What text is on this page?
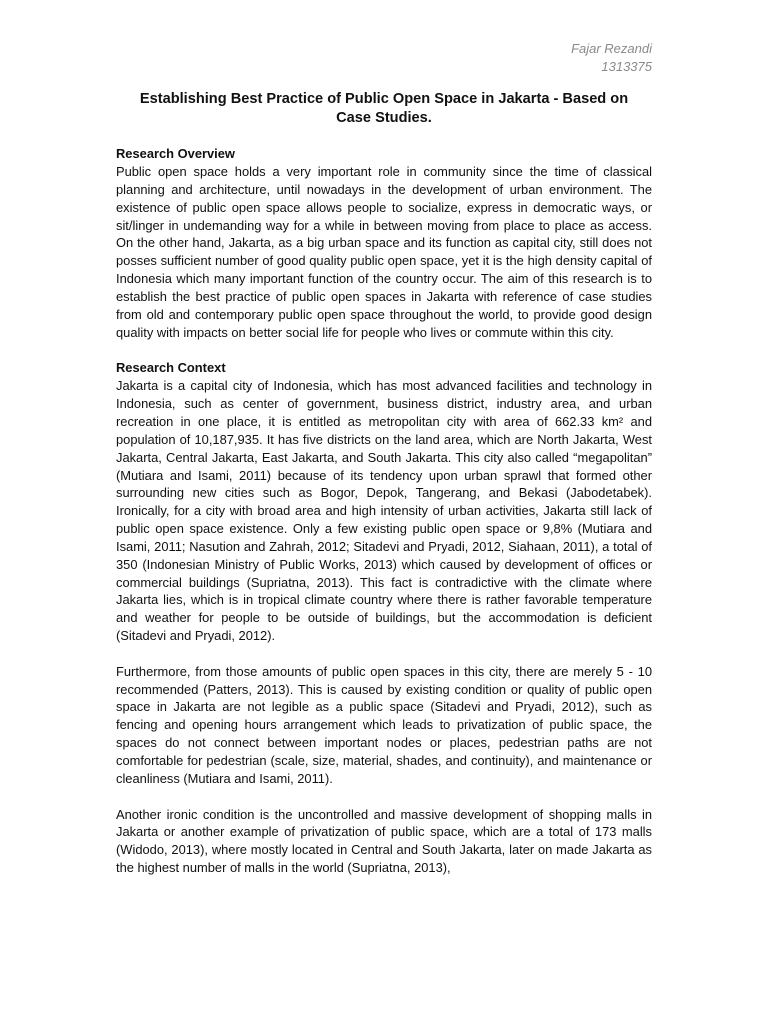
Fajar Rezandi
1313375
Establishing Best Practice of Public Open Space in Jakarta - Based on Case Studies.
Research Overview

Public open space holds a very important role in community since the time of classical planning and architecture, until nowadays in the development of urban environment. The existence of public open space allows people to socialize, express in democratic ways, or sit/linger in undemanding way for a while in between moving from place to place as access. On the other hand, Jakarta, as a big urban space and its function as capital city, still does not posses sufficient number of good quality public open space, yet it is the high density capital of Indonesia which many important function of the country occur. The aim of this research is to establish the best practice of public open spaces in Jakarta with reference of case studies from old and contemporary public open space throughout the world, to provide good design quality with impacts on better social life for people who lives or commute within this city.

Research Context

Jakarta is a capital city of Indonesia, which has most advanced facilities and technology in Indonesia, such as center of government, business district, industry area, and urban recreation in one place, it is entitled as metropolitan city with area of 662.33 km² and population of 10,187,935. It has five districts on the land area, which are North Jakarta, West Jakarta, Central Jakarta, East Jakarta, and South Jakarta. This city also called “megapolitan” (Mutiara and Isami, 2011) because of its tendency upon urban sprawl that formed other surrounding new cities such as Bogor, Depok, Tangerang, and Bekasi (Jabodetabek). Ironically, for a city with broad area and high intensity of urban activities, Jakarta still lack of public open space existence. Only a few existing public open space or 9,8% (Mutiara and Isami, 2011; Nasution and Zahrah, 2012; Sitadevi and Pryadi, 2012, Siahaan, 2011), a total of 350 (Indonesian Ministry of Public Works, 2013) which caused by development of offices or commercial buildings (Supriatna, 2013). This fact is contradictive with the climate where Jakarta lies, which is in tropical climate country where there is rather favorable temperature and weather for people to be outside of buildings, but the accommodation is deficient (Sitadevi and Pryadi, 2012).

Furthermore, from those amounts of public open spaces in this city, there are merely 5 - 10 recommended (Patters, 2013). This is caused by existing condition or quality of public open space in Jakarta are not legible as a public space (Sitadevi and Pryadi, 2012), such as fencing and opening hours arrangement which leads to privatization of public space, the spaces do not connect between important nodes or places, pedestrian paths are not comfortable for pedestrian (scale, size, material, shades, and continuity), and maintenance or cleanliness (Mutiara and Isami, 2011).

Another ironic condition is the uncontrolled and massive development of shopping malls in Jakarta or another example of privatization of public space, which are a total of 173 malls (Widodo, 2013), where mostly located in Central and South Jakarta, later on made Jakarta as the highest number of malls in the world (Supriatna, 2013),
